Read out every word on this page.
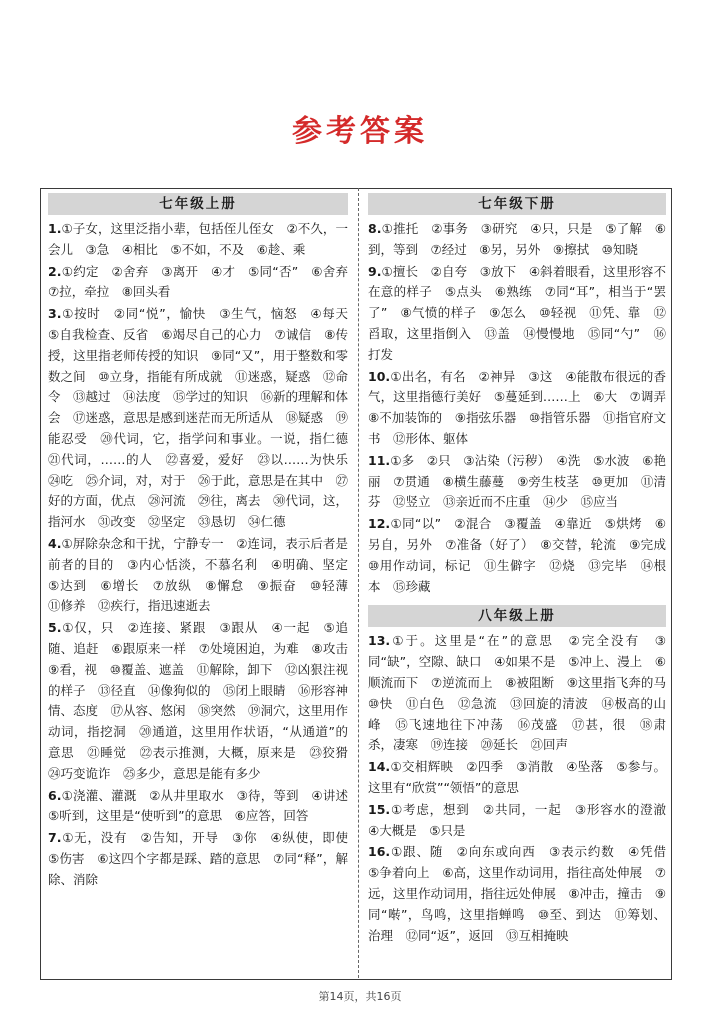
参考答案
七年级上册
1.①子女，这里泛指小辈，包括侄儿侄女　②不久，一会儿　③急　④相比　⑤不如，不及　⑥趁、乘
2.①约定　②舍弃　③离开　④才　⑤同“否”　⑥舍弃　⑦拉，牵拉　⑧回头看
3.①按时　②同“悦”，愉快　③生气，恼怒　④每天　⑤自我检查、反省　⑥竭尽自己的心力　⑦诚信　⑧传授，这里指老师传授的知识　⑨同“又”，用于整数和零数之间　⑩立身，指能有所成就　⑪迷惑，疑惑　⑫命令　⑬越过　⑭法度　⑮学过的知识　⑯新的理解和体会　⑰迷惑，意思是感到迷茫而无所适从　⑱疑惑　⑲能忍受　⑳代词，它，指学问和事业。一说，指仁德　㉑代词，……的人　㉒喜爱，爱好　㉓以……为快乐　㉔吃　㉕介词，对，对于　㉖于此，意思是在其中　㉗好的方面，优点　㉘河流　㉙往，离去　㉚代词，这，指河水　㉛改变　㉜坚定　㉝恳切　㉞仁德
4.①屏除杂念和干扰，宁静专一　②连词，表示后者是前者的目的　③内心恬淡，不慕名利　④明确、坚定　⑤达到　⑥增长　⑦放纵　⑧懈怠　⑨振奋　⑩轻薄　⑪修养　⑫疾行，指迅速逝去
5.①仅，只　②连接、紧跟　③跟从　④一起　⑤追随、追赶　⑥跟原来一样　⑦处境困迫，为难　⑧攻击　⑨看，视　⑩覆盖、遮盖　⑪解除，卸下　⑫凶狠注视的样子　⑬径直　⑭像狗似的　⑮闭上眼睛　⑯形容神情、态度　⑰从容、悠闲　⑱突然　⑲洞穴，这里用作动词，指挖洞　⑳通道，这里用作状语，“从通道”的意思　㉑睡觉　㉒表示推测，大概，原来是　㉓狡猾　㉔巧变诡诈　㉕多少，意思是能有多少
6.①浇灌、灌溉　②从井里取水　③待，等到　④讲述　⑤听到，这里是“使听到”的意思　⑥应答，回答
7.①无，没有　②告知，开导　③你　④纵使，即使　⑤伤害　⑥这四个字都是踩、踏的意思　⑦同“释”，解除、消除
七年级下册
8.①推托　②事务　③研究　④只，只是　⑤了解　⑥到，等到　⑦经过　⑧另，另外　⑨擦拭　⑩知晓
9.①擅长　②自夸　③放下　④斜着眼看，这里形容不在意的样子　⑤点头　⑥熟练　⑦同“耳”，相当于“罢了”　⑧气愤的样子　⑨怎么　⑩轻视　⑪凭、靠　⑫舀取，这里指倒入　⑬盖　⑭慢慢地　⑮同“勺”　⑯打发
10.①出名，有名　②神异　③这　④能散布很远的香气，这里指德行美好　⑤蔓延到……上　⑥大　⑦调弄　⑧不加装饰的　⑨指弦乐器　⑩指管乐器　⑪指官府文书　⑫形体、躯体
11.①多　②只　③沾染（污秽）　④洗　⑤水波　⑥艳丽　⑦贯通　⑧横生藤蔓　⑨旁生枝茎　⑩更加　⑪清芬　⑫竖立　⑬亲近而不庄重　⑭少　⑮应当
12.①同“以”　②混合　③覆盖　④靠近　⑤烘烤　⑥另自，另外　⑦准备（好了）　⑧交替，轮流　⑨完成　⑩用作动词，标记　⑪生僻字　⑫烧　⑬完毕　⑭根本　⑮珍藏
八年级上册
13.①于。这里是“在”的意思　②完全没有　③同“缺”，空隙、缺口　④如果不是　⑤冲上、漫上　⑥顺流而下　⑦逆流而上　⑧被阻断　⑨这里指飞奔的马　⑩快　⑪白色　⑫急流　⑬回旋的清波　⑭极高的山峰　⑮飞速地往下冲荡　⑯茂盛　⑰甚，很　⑱肃杀，凄寒　⑲连接　⑳延长　㉑回声
14.①交相辉映　②四季　③消散　④坠落　⑤参与。这里有“欣赏”“领悟”的意思
15.①考虑，想到　②共同，一起　③形容水的澄澈　④大概是　⑤只是
16.①跟、随　②向东或向西　③表示约数　④凭借　⑤争着向上　⑥高，这里作动词用，指往高处伸展　⑦远，这里作动词用，指往远处伸展　⑧冲击，撞击　⑨同“啭”，鸟鸣，这里指蝉鸣　⑩至、到达　⑪筹划、治理　⑫同“返”，返回　⑬互相掩映
第14页，共16页
